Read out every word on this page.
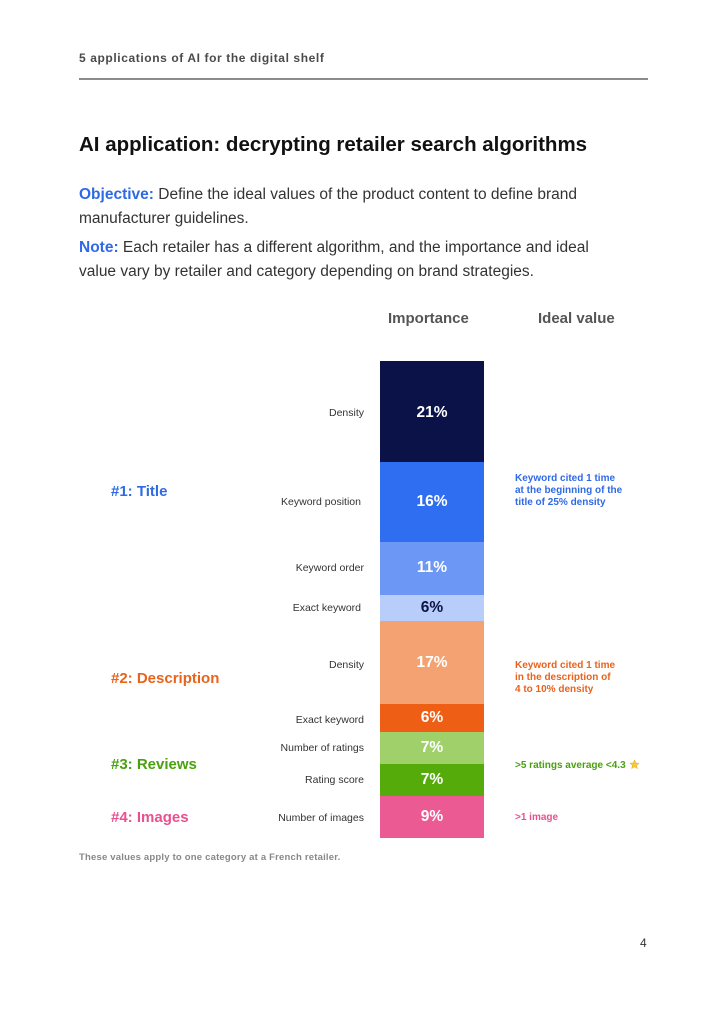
5 applications of AI for the digital shelf
AI application: decrypting retailer search algorithms
Objective: Define the ideal values of the product content to define brand
manufacturer guidelines.
Note: Each retailer has a different algorithm, and the importance and ideal
value vary by retailer and category depending on brand strategies.
Importance	Ideal value
#1: Title
#2: Description
#3: Reviews
#4: Images
Density
Keyword position
Keyword order
Exact keyword
Density
Exact keyword
Number of ratings
Rating score
Number of images
21%
16%
11%
6%
17%
6%
7%
7%
9%
Keyword cited 1 time
at the beginning of the
title of 25% density
Keyword cited 1 time
in the description of
4 to 10% density
>5 ratings average <4.3
>1 image
These values apply to one category at a French retailer.
4
